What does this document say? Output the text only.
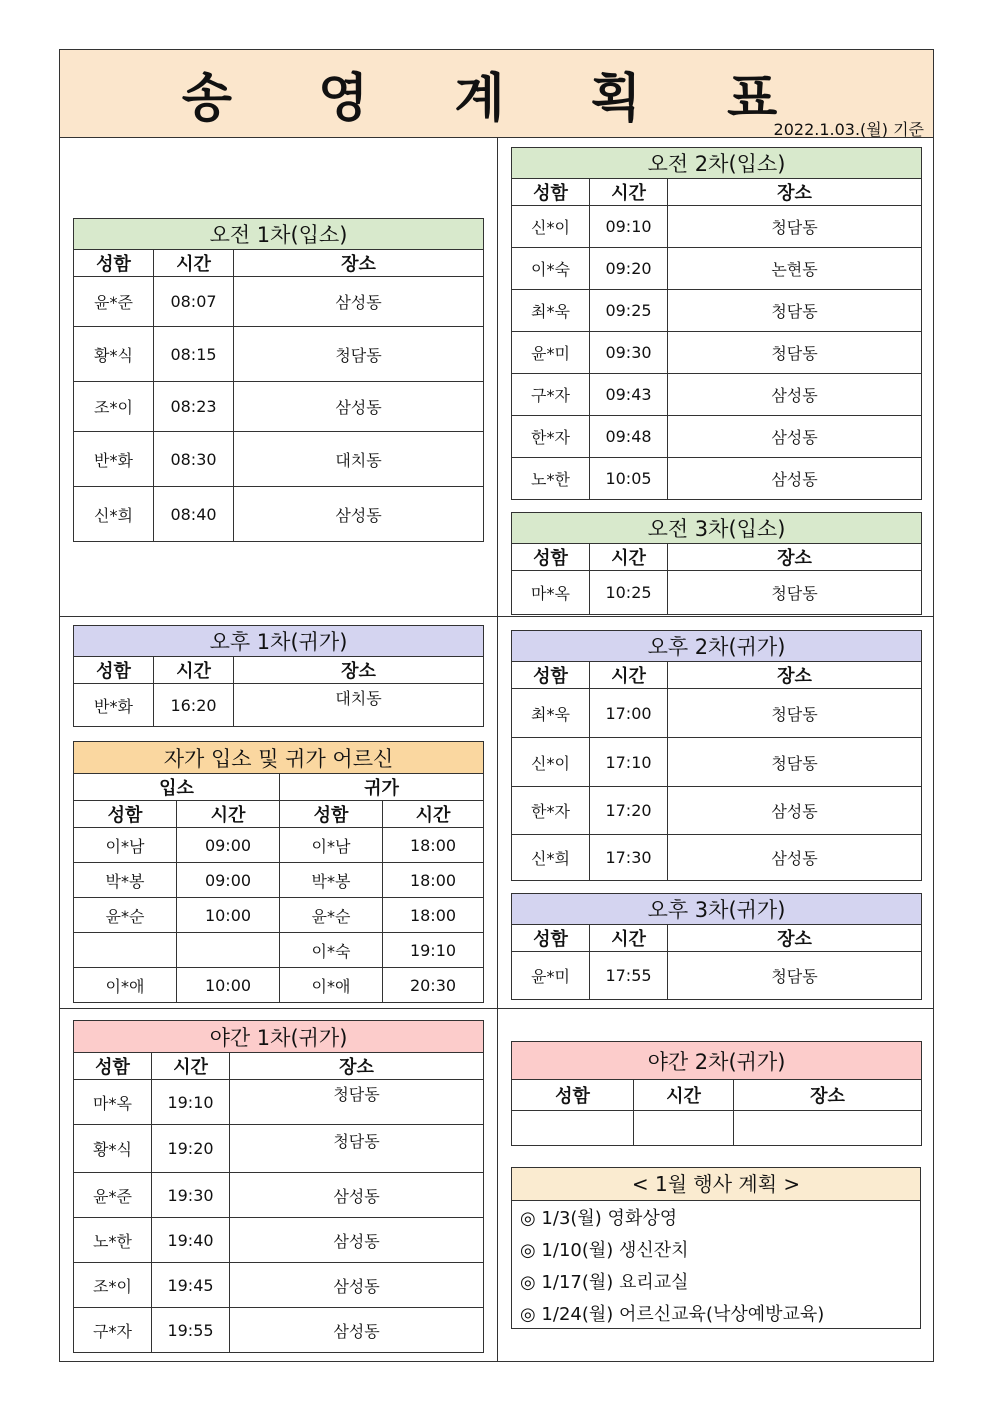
송 영 계 획 표
2022.1.03.(월) 기준
오전 1차(입소)		
성함	시간	장소
윤*준	08:07	삼성동
황*식	08:15	청담동
조*이	08:23	삼성동
반*화	08:30	대치동
신*희	08:40	삼성동
오전 2차(입소)		
성함	시간	장소
신*이	09:10	청담동
이*숙	09:20	논현동
최*욱	09:25	청담동
윤*미	09:30	청담동
구*자	09:43	삼성동
한*자	09:48	삼성동
노*한	10:05	삼성동
오전 3차(입소)		
성함	시간	장소
마*옥	10:25	청담동
오후 1차(귀가)		
성함	시간	장소
반*화	16:20	대치동
자가 입소 및 귀가 어르신			
입소		귀가	
성함	시간	성함	시간
이*남	09:00	이*남	18:00
박*봉	09:00	박*봉	18:00
윤*순	10:00	윤*순	18:00
		이*숙	19:10
이*애	10:00	이*애	20:30
오후 2차(귀가)		
성함	시간	장소
최*욱	17:00	청담동
신*이	17:10	청담동
한*자	17:20	삼성동
신*희	17:30	삼성동
오후 3차(귀가)		
성함	시간	장소
윤*미	17:55	청담동
야간 1차(귀가)		
성함	시간	장소
마*옥	19:10	청담동
황*식	19:20	청담동
윤*준	19:30	삼성동
노*한	19:40	삼성동
조*이	19:45	삼성동
구*자	19:55	삼성동
야간 2차(귀가)		
성함	시간	장소

< 1월 행사 계획 >
◎ 1/3(월) 영화상영
◎ 1/10(월) 생신잔치
◎ 1/17(월) 요리교실
◎ 1/24(월) 어르신교육(낙상예방교육)
